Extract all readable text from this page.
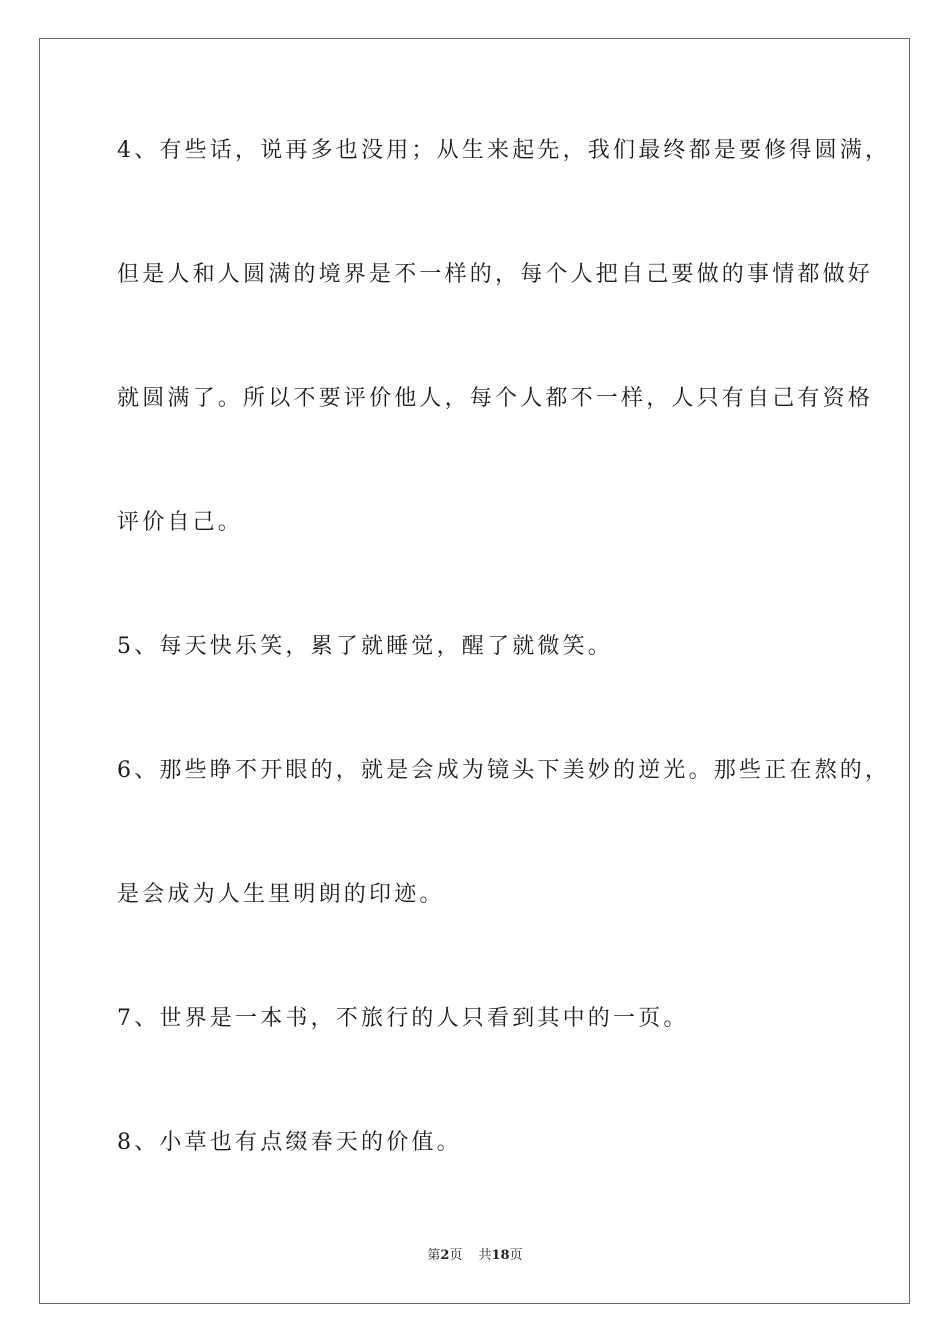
4、有些话，说再多也没用；从生来起先，我们最终都是要修得圆满，
但是人和人圆满的境界是不一样的，每个人把自己要做的事情都做好
就圆满了。所以不要评价他人，每个人都不一样，人只有自己有资格
评价自己。
5、每天快乐笑，累了就睡觉，醒了就微笑。
6、那些睁不开眼的，就是会成为镜头下美妙的逆光。那些正在熬的，
是会成为人生里明朗的印迹。
7、世界是一本书，不旅行的人只看到其中的一页。
8、小草也有点缀春天的价值。
第2页 共18页
